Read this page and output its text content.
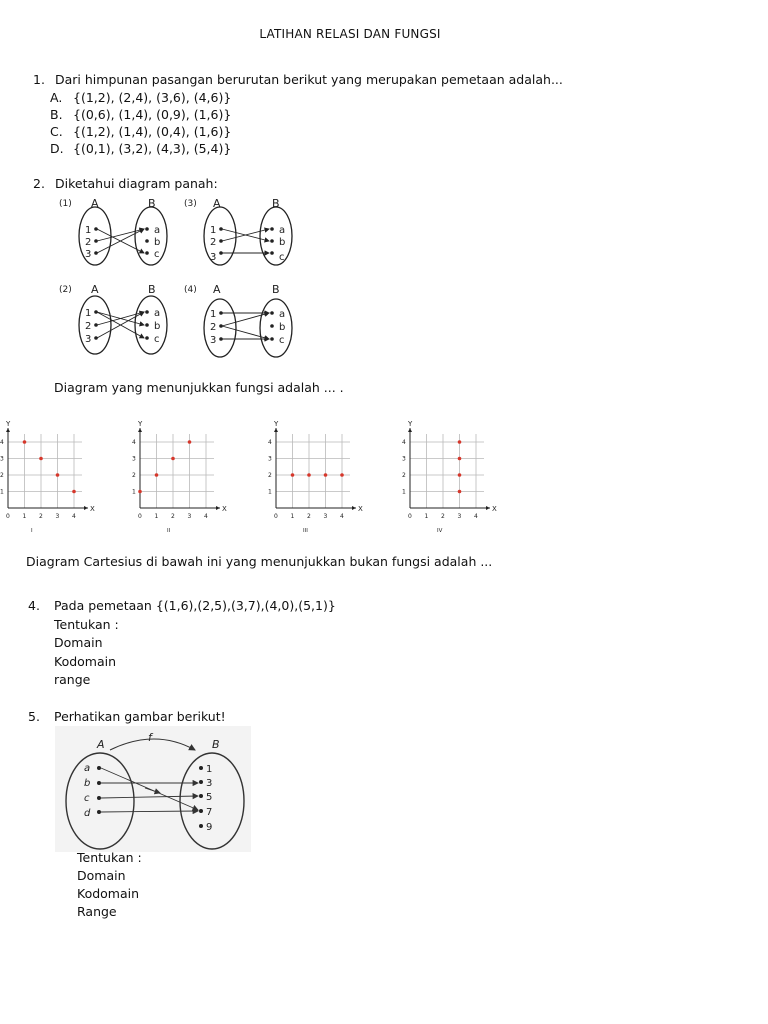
LATIHAN RELASI DAN FUNGSI
1. Dari himpunan pasangan berurutan berikut yang merupakan pemetaan adalah...
A. {(1,2), (2,4), (3,6), (4,6)}
B. {(0,6), (1,4), (0,9), (1,6)}
C. {(1,2), (1,4), (0,4), (1,6)}
D. {(0,1), (3,2), (4,3), (5,4)}
2. Diketahui diagram panah:
(1) A	B
1
2
3
a
b
c
(3) A	B
1
2
3
a
b
c
(2) A	B
1
2
3
a
b
c
(4) A	B
1
2
3
a
b
c
Diagram yang menunjukkan fungsi adalah ... .
X
Y
0 1
1
2
2
3
3
4
4
I
X
Y
0 1
1
2
2
3
3
4
4
II
X
Y
0 1
1
2
2
3
3
4
4
III
X
Y
0 1
1
2
2
3
3
4
4
IV
Diagram Cartesius di bawah ini yang menunjukkan bukan fungsi adalah ...
4. Pada pemetaan {(1,6),(2,5),(3,7),(4,0),(5,1)}
Tentukan :
Domain
Kodomain
range
5. Perhatikan gambar berikut!
A	B
f
a
b
c
d
1
3
5
7
9
Tentukan :
Domain
Kodomain
Range
